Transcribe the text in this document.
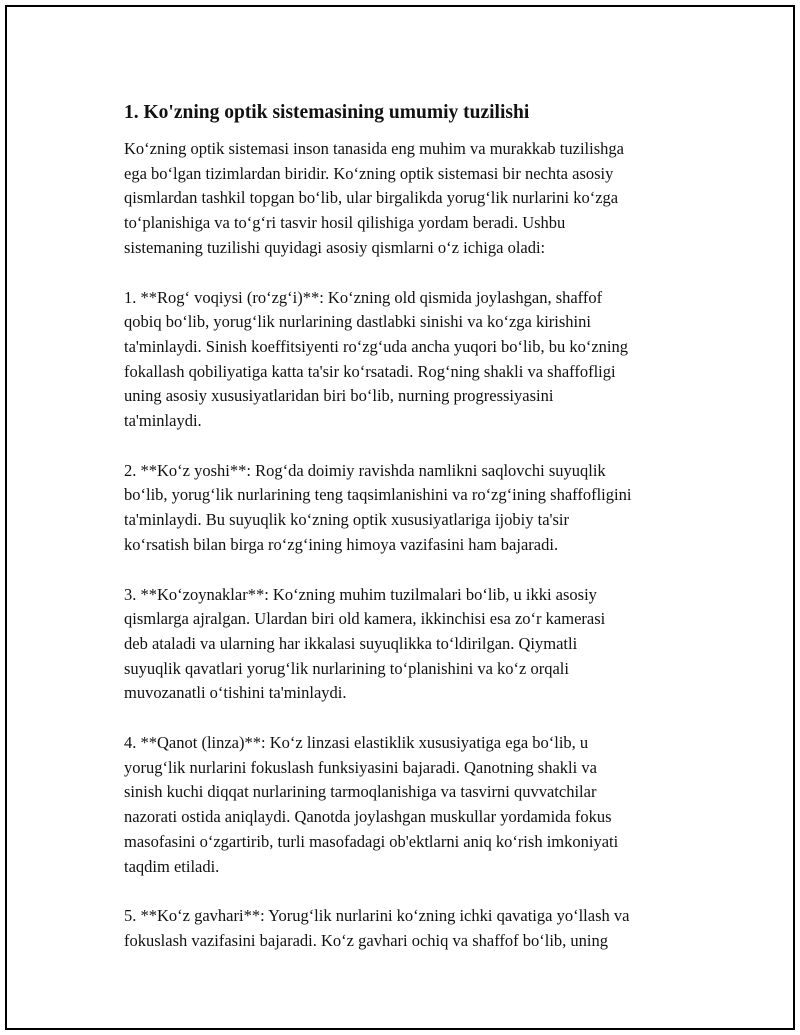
1. Ko'zning optik sistemasining umumiy tuzilishi

Ko‘zning optik sistemasi inson tanasida eng muhim va murakkab tuzilishga
ega bo‘lgan tizimlardan biridir. Ko‘zning optik sistemasi bir nechta asosiy
qismlardan tashkil topgan bo‘lib, ular birgalikda yorug‘lik nurlarini ko‘zga
to‘planishiga va to‘g‘ri tasvir hosil qilishiga yordam beradi. Ushbu
sistemaning tuzilishi quyidagi asosiy qismlarni o‘z ichiga oladi:

1. **Rog‘ voqiysi (ro‘zg‘i)**: Ko‘zning old qismida joylashgan, shaffof
qobiq bo‘lib, yorug‘lik nurlarining dastlabki sinishi va ko‘zga kirishini
ta'minlaydi. Sinish koeffitsiyenti ro‘zg‘uda ancha yuqori bo‘lib, bu ko‘zning
fokallash qobiliyatiga katta ta'sir ko‘rsatadi. Rog‘ning shakli va shaffofligi
uning asosiy xususiyatlaridan biri bo‘lib, nurning progressiyasini
ta'minlaydi.

2. **Ko‘z yoshi**: Rog‘da doimiy ravishda namlikni saqlovchi suyuqlik
bo‘lib, yorug‘lik nurlarining teng taqsimlanishini va ro‘zg‘ining shaffofligini
ta'minlaydi. Bu suyuqlik ko‘zning optik xususiyatlariga ijobiy ta'sir
ko‘rsatish bilan birga ro‘zg‘ining himoya vazifasini ham bajaradi.

3. **Ko‘zoynaklar**: Ko‘zning muhim tuzilmalari bo‘lib, u ikki asosiy
qismlarga ajralgan. Ulardan biri old kamera, ikkinchisi esa zo‘r kamerasi
deb ataladi va ularning har ikkalasi suyuqlikka to‘ldirilgan. Qiymatli
suyuqlik qavatlari yorug‘lik nurlarining to‘planishini va ko‘z orqali
muvozanatli o‘tishini ta'minlaydi.

4. **Qanot (linza)**: Ko‘z linzasi elastiklik xususiyatiga ega bo‘lib, u
yorug‘lik nurlarini fokuslash funksiyasini bajaradi. Qanotning shakli va
sinish kuchi diqqat nurlarining tarmoqlanishiga va tasvirni quvvatchilar
nazorati ostida aniqlaydi. Qanotda joylashgan muskullar yordamida fokus
masofasini o‘zgartirib, turli masofadagi ob'ektlarni aniq ko‘rish imkoniyati
taqdim etiladi.

5. **Ko‘z gavhari**: Yorug‘lik nurlarini ko‘zning ichki qavatiga yo‘llash va
fokuslash vazifasini bajaradi. Ko‘z gavhari ochiq va shaffof bo‘lib, uning
